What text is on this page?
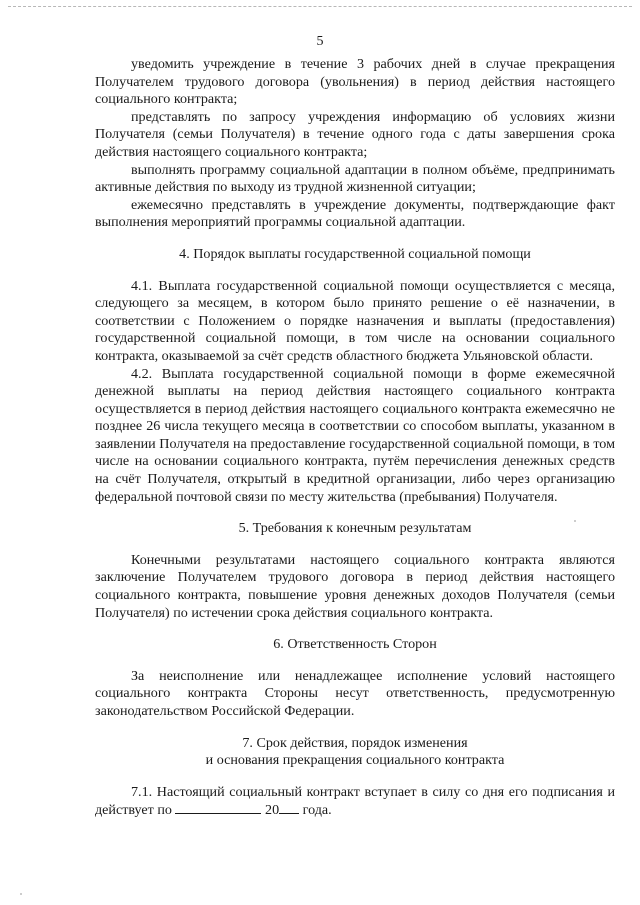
5

уведомить учреждение в течение 3 рабочих дней в случае прекращения Получателем трудового договора (увольнения) в период действия настоящего социального контракта;

представлять по запросу учреждения информацию об условиях жизни Получателя (семьи Получателя) в течение одного года с даты завершения срока действия настоящего социального контракта;

выполнять программу социальной адаптации в полном объёме, предпринимать активные действия по выходу из трудной жизненной ситуации;

ежемесячно представлять в учреждение документы, подтверждающие факт выполнения мероприятий программы социальной адаптации.

4. Порядок выплаты государственной социальной помощи

4.1. Выплата государственной социальной помощи осуществляется с месяца, следующего за месяцем, в котором было принято решение о её назначении, в соответствии с Положением о порядке назначения и выплаты (предоставления) государственной социальной помощи, в том числе на основании социального контракта, оказываемой за счёт средств областного бюджета Ульяновской области.

4.2. Выплата государственной социальной помощи в форме ежемесячной денежной выплаты на период действия настоящего социального контракта осуществляется в период действия настоящего социального контракта ежемесячно не позднее 26 числа текущего месяца в соответствии со способом выплаты, указанном в заявлении Получателя на предоставление государственной социальной помощи, в том числе на основании социального контракта, путём перечисления денежных средств на счёт Получателя, открытый в кредитной организации, либо через организацию федеральной почтовой связи по месту жительства (пребывания) Получателя.

5. Требования к конечным результатам

Конечными результатами настоящего социального контракта являются заключение Получателем трудового договора в период действия настоящего социального контракта, повышение уровня денежных доходов Получателя (семьи Получателя) по истечении срока действия социального контракта.

6. Ответственность Сторон

За неисполнение или ненадлежащее исполнение условий настоящего социального контракта Стороны несут ответственность, предусмотренную законодательством Российской Федерации.

7. Срок действия, порядок изменения

и основания прекращения социального контракта

7.1. Настоящий социальный контракт вступает в силу со дня его подписания и действует по	20 года.
